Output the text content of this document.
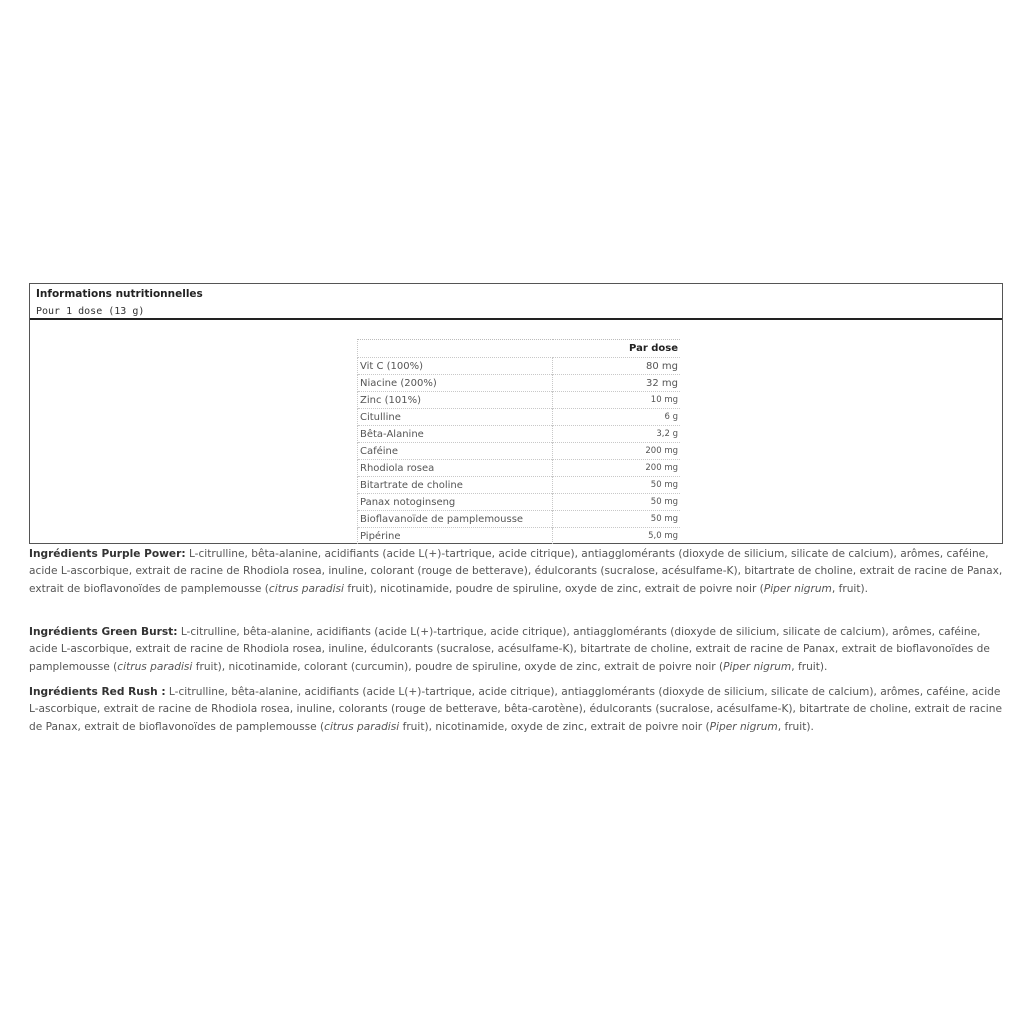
Informations nutritionnelles
Pour 1 dose (13 g)
	Par dose
Vit C (100%)	80 mg
Niacine (200%)	32 mg
Zinc (101%)	10 mg
Citulline	6 g
Bêta-Alanine	3,2 g
Caféine	200 mg
Rhodiola rosea	200 mg
Bitartrate de choline	50 mg
Panax notoginseng	50 mg
Bioflavanoïde de pamplemousse	50 mg
Pipérine	5,0 mg

Ingrédients Purple Power: L-citrulline, bêta-alanine, acidifiants (acide L(+)-tartrique, acide citrique), antiagglomérants (dioxyde de silicium, silicate de calcium), arômes, caféine, acide L-ascorbique, extrait de racine de Rhodiola rosea, inuline, colorant (rouge de betterave), édulcorants (sucralose, acésulfame-K), bitartrate de choline, extrait de racine de Panax, extrait de bioflavonoïdes de pamplemousse (citrus paradisi fruit), nicotinamide, poudre de spiruline, oxyde de zinc, extrait de poivre noir (Piper nigrum, fruit).

Ingrédients Green Burst: L-citrulline, bêta-alanine, acidifiants (acide L(+)-tartrique, acide citrique), antiagglomérants (dioxyde de silicium, silicate de calcium), arômes, caféine, acide L-ascorbique, extrait de racine de Rhodiola rosea, inuline, édulcorants (sucralose, acésulfame-K), bitartrate de choline, extrait de racine de Panax, extrait de bioflavonoïdes de pamplemousse (citrus paradisi fruit), nicotinamide, colorant (curcumin), poudre de spiruline, oxyde de zinc, extrait de poivre noir (Piper nigrum, fruit).

Ingrédients Red Rush : L-citrulline, bêta-alanine, acidifiants (acide L(+)-tartrique, acide citrique), antiagglomérants (dioxyde de silicium, silicate de calcium), arômes, caféine, acide L-ascorbique, extrait de racine de Rhodiola rosea, inuline, colorants (rouge de betterave, bêta-carotène), édulcorants (sucralose, acésulfame-K), bitartrate de choline, extrait de racine de Panax, extrait de bioflavonoïdes de pamplemousse (citrus paradisi fruit), nicotinamide, oxyde de zinc, extrait de poivre noir (Piper nigrum, fruit).
